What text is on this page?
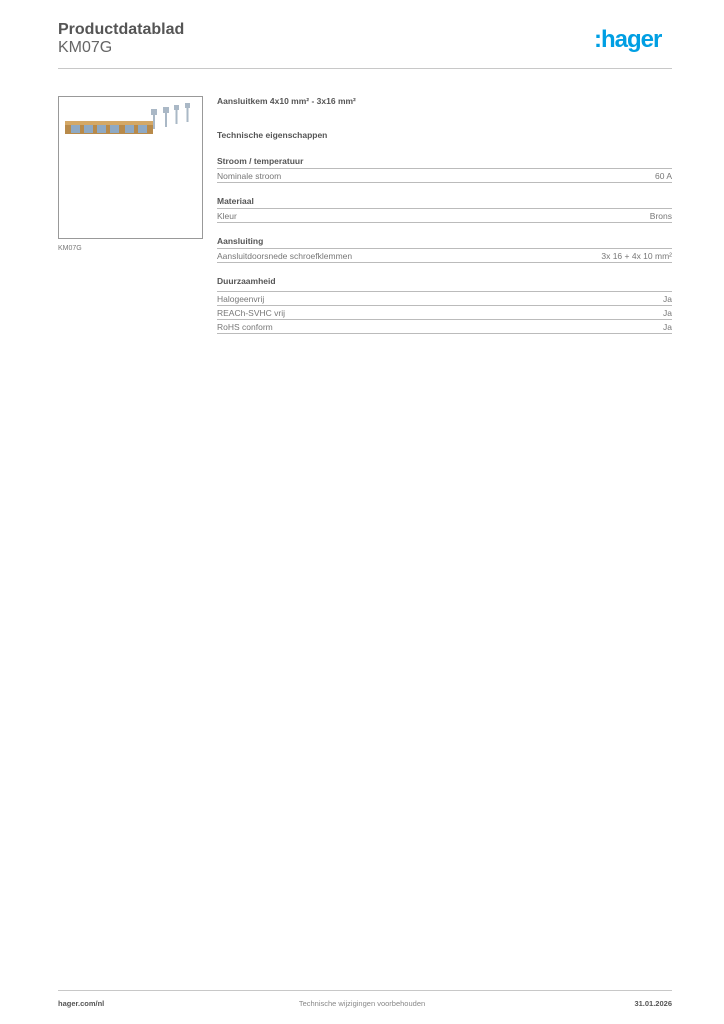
Productdatablad
KM07G	:hager
KM07G
Aansluitkem 4x10 mm² - 3x16 mm²
Technische eigenschappen
Stroom / temperatuur
Nominale stroom	60 A
Materiaal
Kleur	Brons
Aansluiting
Aansluitdoorsnede schroefklemmen	3x 16 + 4x 10 mm²
Duurzaamheid
Halogeenvrij	Ja
REACh-SVHC vrij	Ja
RoHS conform	Ja
Technische wijzigingen voorbehouden
hager.com/nl	31.01.2026
